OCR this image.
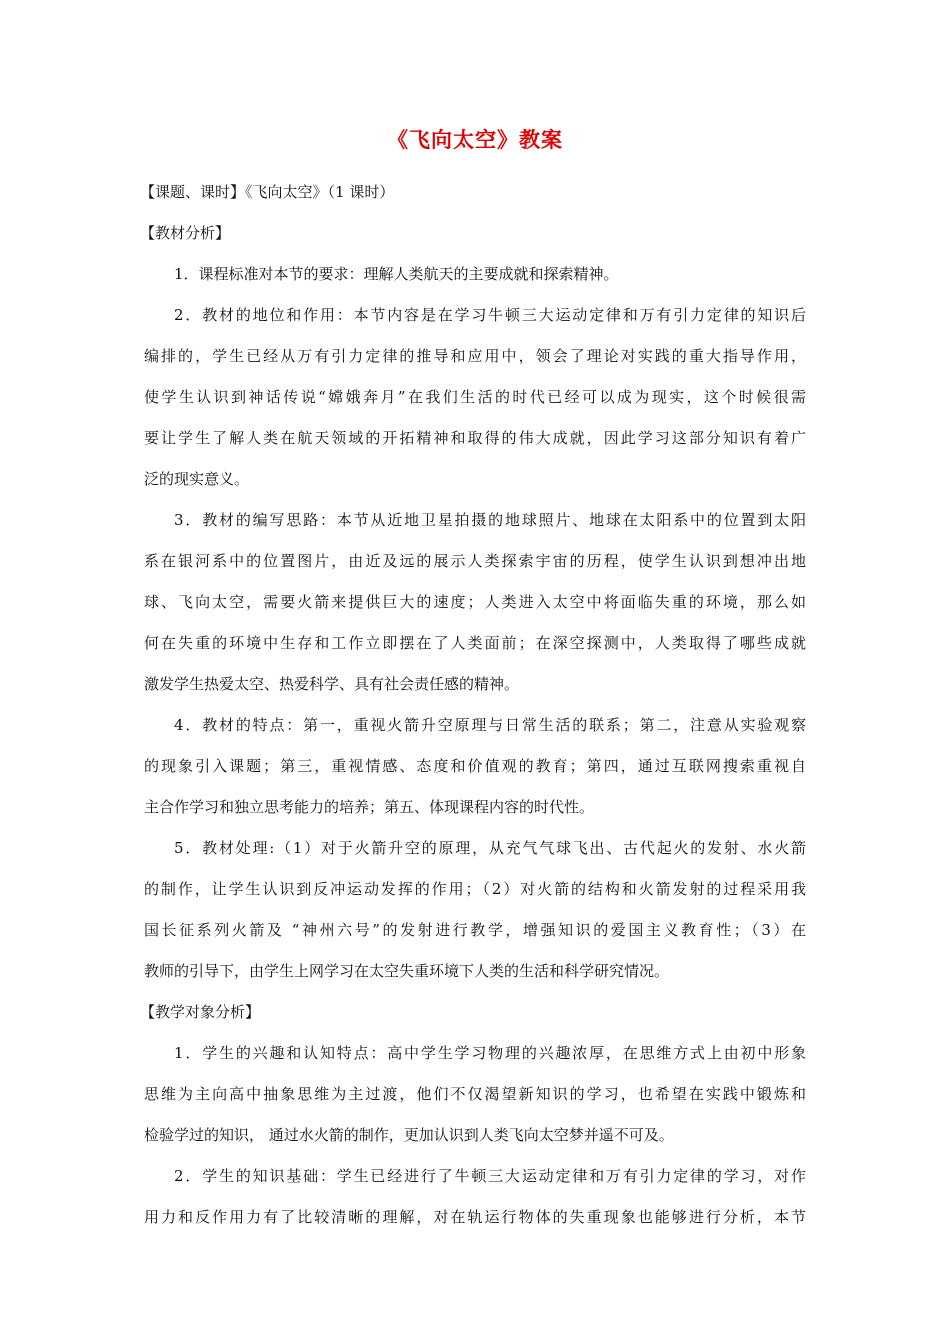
《飞向太空》教案
【课题、课时】《飞向太空》（1 课时）
【教材分析】
1．课程标准对本节的要求：理解人类航天的主要成就和探索精神。
2．教材的地位和作用：本节内容是在学习牛顿三大运动定律和万有引力定律的知识后
编排的，学生已经从万有引力定律的推导和应用中，领会了理论对实践的重大指导作用，
使学生认识到神话传说“嫦娥奔月”在我们生活的时代已经可以成为现实，这个时候很需
要让学生了解人类在航天领域的开拓精神和取得的伟大成就，因此学习这部分知识有着广
泛的现实意义。
3．教材的编写思路：本节从近地卫星拍摄的地球照片、地球在太阳系中的位置到太阳
系在银河系中的位置图片，由近及远的展示人类探索宇宙的历程，使学生认识到想冲出地
球、飞向太空，需要火箭来提供巨大的速度；人类进入太空中将面临失重的环境，那么如
何在失重的环境中生存和工作立即摆在了人类面前；在深空探测中，人类取得了哪些成就
激发学生热爱太空、热爱科学、具有社会责任感的精神。
4．教材的特点：第一，重视火箭升空原理与日常生活的联系；第二，注意从实验观察
的现象引入课题；第三，重视情感、态度和价值观的教育；第四，通过互联网搜索重视自
主合作学习和独立思考能力的培养；第五、体现课程内容的时代性。
5．教材处理:（1）对于火箭升空的原理，从充气气球飞出、古代起火的发射、水火箭
的制作，让学生认识到反冲运动发挥的作用；（2）对火箭的结构和火箭发射的过程采用我
国长征系列火箭及 “神州六号”的发射进行教学，增强知识的爱国主义教育性；（3）在
教师的引导下，由学生上网学习在太空失重环境下人类的生活和科学研究情况。
【教学对象分析】
1．学生的兴趣和认知特点：高中学生学习物理的兴趣浓厚，在思维方式上由初中形象
思维为主向高中抽象思维为主过渡，他们不仅渴望新知识的学习，也希望在实践中锻炼和
检验学过的知识， 通过水火箭的制作，更加认识到人类飞向太空梦并遥不可及。
2．学生的知识基础：学生已经进行了牛顿三大运动定律和万有引力定律的学习，对作
用力和反作用力有了比较清晰的理解，对在轨运行物体的失重现象也能够进行分析，本节
